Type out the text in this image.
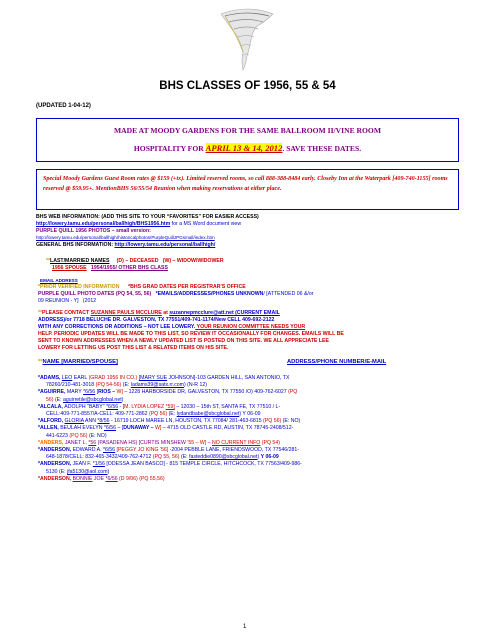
BHS CLASSES OF 1956, 55 & 54
(UPDATED 1-04-12)
MADE AT MOODY GARDENS FOR THE SAME BALLROOM II/VINE ROOM
HOSPITALITY FOR APRIL 13 & 14, 2012. SAVE THESE DATES.
Special Moody Gardens Guest Room rates @ $159 (+tx). Limited reserved rooms, so call 888-388-8484 early. Closeby Inn at the Waterpark [409-740-1155] rooms reserved @ $59.95+. MentionBHS 56/55/54 Reunion when making reservations at either place.
BHS WEB INFORMATION: (ADD THIS SITE TO YOUR “FAVORITES” FOR EASIER ACCESS)
http://lowery.tamu.edu/personal/ballhigh/BHS1956.htm for a MS Word document view
PURPLE QUILL 1956 PHOTOS – small version:
http://lowery.tamu.edu/personal/ballhigh/historicalphotos/PurpleQuillJPGsmall/index.htm
GENERAL BHS INFORMATION: http://lowery.tamu.edu/personal/ballhigh/
**LAST/MARRIED NAMES (D) – DECEASED (W) – WIDOW/WIDOWER
1956 SPOUSE 1954/1955/ OTHER BHS CLASS
EMAIL ADDRESS
*PRIOR VERIFIED INFORMATION *BHS GRAD DATES PER REGISTRAR'S OFFICE
PURPLE QUILL PHOTO DATES (PQ 54, 55, 56) *EMAILS/ADDRESSES/PHONES UNKNOWN/ [ATTENDED 06 &/or
09 REUNION - Y] (2012
**PLEASE CONTACT SUZANNE PAULS MCCLURE at suzannepmcclure@att.net (CURRENT EMAIL
ADDRESS)/or 7718 BELUCHE DR. GALVESTON, TX 77551/409-741-1174/New CELL 409-692-2122
WITH ANY CORRECTIONS OR ADDITIONS – NOT LEE LOWERY. YOUR REUNION COMMITTEE NEEDS YOUR
HELP. PERIODIC UPDATES WILL BE MADE TO THIS LIST, SO REVIEW IT OCCASIONALLY FOR CHANGES. EMAILS WILL BE
SENT TO KNOWN ADDRESSES WHEN A NEWLY UPDATED LIST IS POSTED ON THIS SITE. WE ALL APPRECIATE LEE
LOWERY FOR LETTING US POST THIS LIST & RELATED ITEMS ON HIS SITE.
**NAME [MARRIED/SPOUSE]	ADDRESS/PHONE NUMBER/E-MAIL
*ADAMS, LEO EARL (GRAD 1956 IN CO.) [MARY SUE JOHNSON]-103 GARDEN HILL, SAN ANTONIO, TX
78260/210-481-3018 (PQ 54-56) (E: ladams39@satx.rr.com) (N-R 12)
*AGUIRRE, MARY *6/56 [RIOS – W] – 1228 HARBORSIDE DR, GALVESTON, TX 77550 /O) 409-762-6027 (PQ
56) (E: aguirretile@sbcglobal.net)
*ALCALA, ADOLPH "BABY" *6/56 - [M. LYDIA LOPEZ *59] – 12030 – 15th ST, SANTA FE, TX 77510 / L-
CELL:409-771-8557/A-CELL: 409-771-2862 (PQ 56) (E: lydandbabe@sbcglobal.net) Y 06-09
*ALFORD, GLORIA ANN *8/56 - 16719 LOCH MAREE LN, HOUSTON, TX 77084/ 281-463-6815 (PQ 56) (E: NO)
*ALLEN, BEULAH EVELYN *6/56 – [DUNAWAY – W] – 4715 OLD CASTLE RD, AUSTIN, TX 78745-2408/512-
441-6223 (PQ 56) (E: NO)
*ANDERS, JANET L. *56 (PASADENA HS) [CURTIS MINSHEW '55 – W] – NO CURRENT INFO (PQ 54)
*ANDERSON, EDWARD A. *6/56 [PEGGY JO KING '56] -2004 PEBBLE LANE, FRIENDSWOOD, TX 77546/281-
648-1878/CELL: 832-465-3432/409-762-4712 (PQ 55, 56) (E: fasteddie0890@sbcglobal.net) Y 06-09
*ANDERSON, JEAN F. *1/56 [ODESSA JEAN BASCO] - 815 TEMPLE CIRCLE, HITCHCOCK, TX 77563/409-986-
5130 (E: jfa5130@aol.com)
*ANDERSON, BONNIE JOE *6/56 (D 9/06) (PQ 55,56)
1
